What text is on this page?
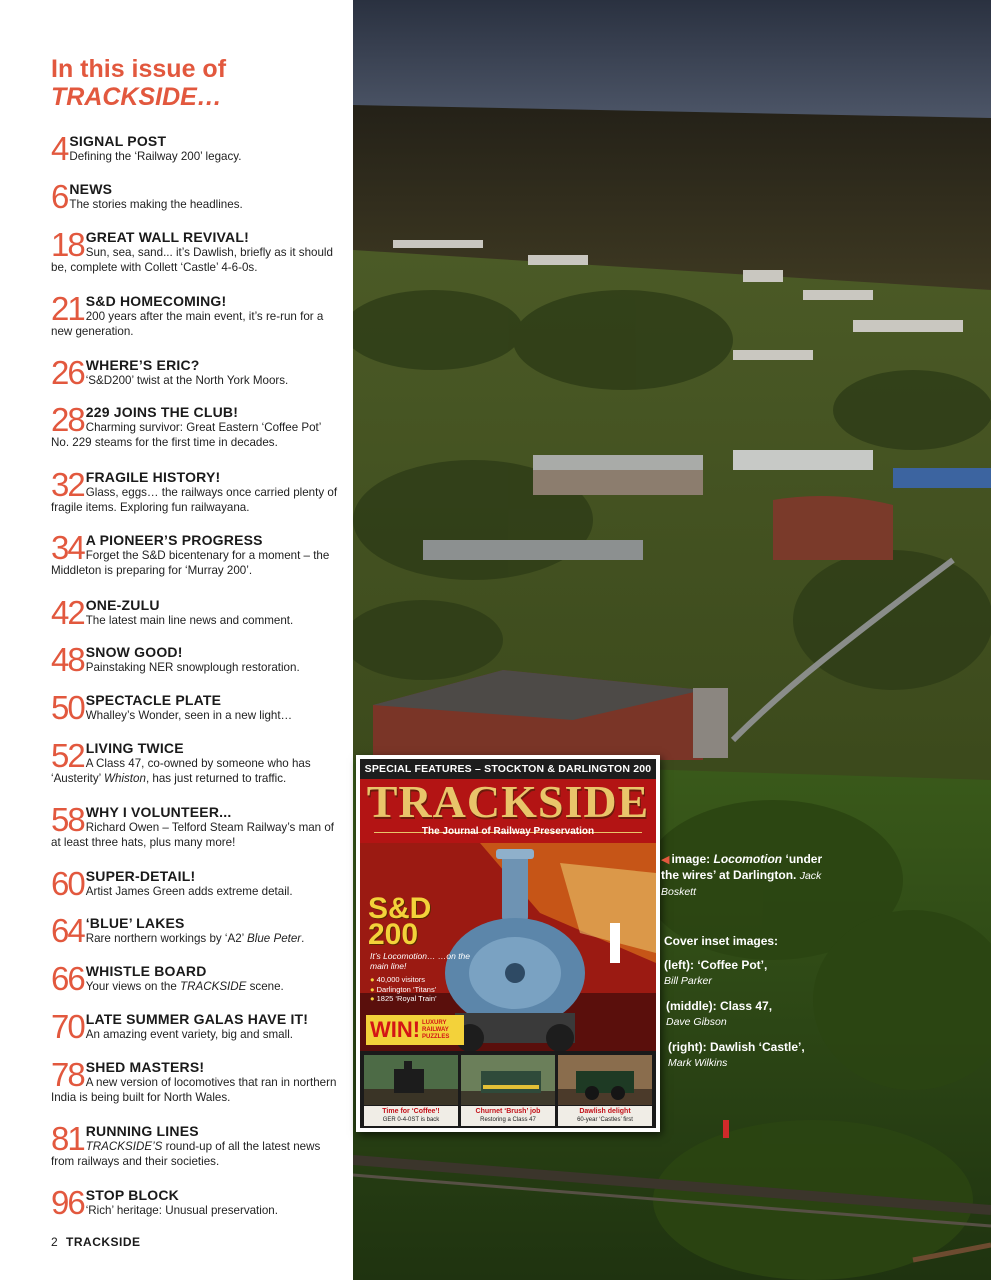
In this issue of
TRACKSIDE…
4 SIGNAL POST
Defining the ‘Railway 200’ legacy.
6 NEWS
The stories making the headlines.
18 GREAT WALL REVIVAL!
Sun, sea, sand... it’s Dawlish, briefly as it should be, complete with Collett ‘Castle’ 4-6-0s.
21 S&D HOMECOMING!
200 years after the main event, it’s re-run for a new generation.
26 WHERE’S ERIC?
‘S&D200’ twist at the North York Moors.
28 229 JOINS THE CLUB!
Charming survivor: Great Eastern ‘Coffee Pot’ No. 229 steams for the first time in decades.
32 FRAGILE HISTORY!
Glass, eggs… the railways once carried plenty of fragile items. Exploring fun railwayana.
34 A PIONEER’S PROGRESS
Forget the S&D bicentenary for a moment – the Middleton is preparing for ‘Murray 200’.
42 ONE-ZULU
The latest main line news and comment.
48 SNOW GOOD!
Painstaking NER snowplough restoration.
50 SPECTACLE PLATE
Whalley’s Wonder, seen in a new light…
52 LIVING TWICE
A Class 47, co-owned by someone who has ‘Austerity’ Whiston, has just returned to traffic.
58 WHY I VOLUNTEER...
Richard Owen – Telford Steam Railway’s man of at least three hats, plus many more!
60 SUPER-DETAIL!
Artist James Green adds extreme detail.
64 ‘BLUE’ LAKES
Rare northern workings by ‘A2’ Blue Peter.
66 WHISTLE BOARD
Your views on the TRACKSIDE scene.
70 LATE SUMMER GALAS HAVE IT!
An amazing event variety, big and small.
78 SHED MASTERS!
A new version of locomotives that ran in northern India is being built for North Wales.
81 RUNNING LINES
TRACKSIDE’S round-up of all the latest news from railways and their societies.
96 STOP BLOCK
‘Rich’ heritage: Unusual preservation.
2 TRACKSIDE
SPECIAL FEATURES – STOCKTON & DARLINGTON 200
TRACKSIDE
The Journal of Railway Preservation
S&D
200
It’s Locomotion… …on the main line!
● 40,000 visitors
● Darlington ‘Titans’
● 1825 ‘Royal Train’
WIN! LUXURY RAILWAY PUZZLES
Time for ‘Coffee’!
GER 0-4-0ST is back
Churnet ‘Brush’ job
Restoring a Class 47
Dawlish delight
60-year ‘Castles’ first
◀ image: Locomotion ‘under the wires’ at Darlington. Jack Boskett
Cover inset images:
(left): ‘Coffee Pot’,
Bill Parker
(middle): Class 47,
Dave Gibson
(right): Dawlish ‘Castle’,
Mark Wilkins
